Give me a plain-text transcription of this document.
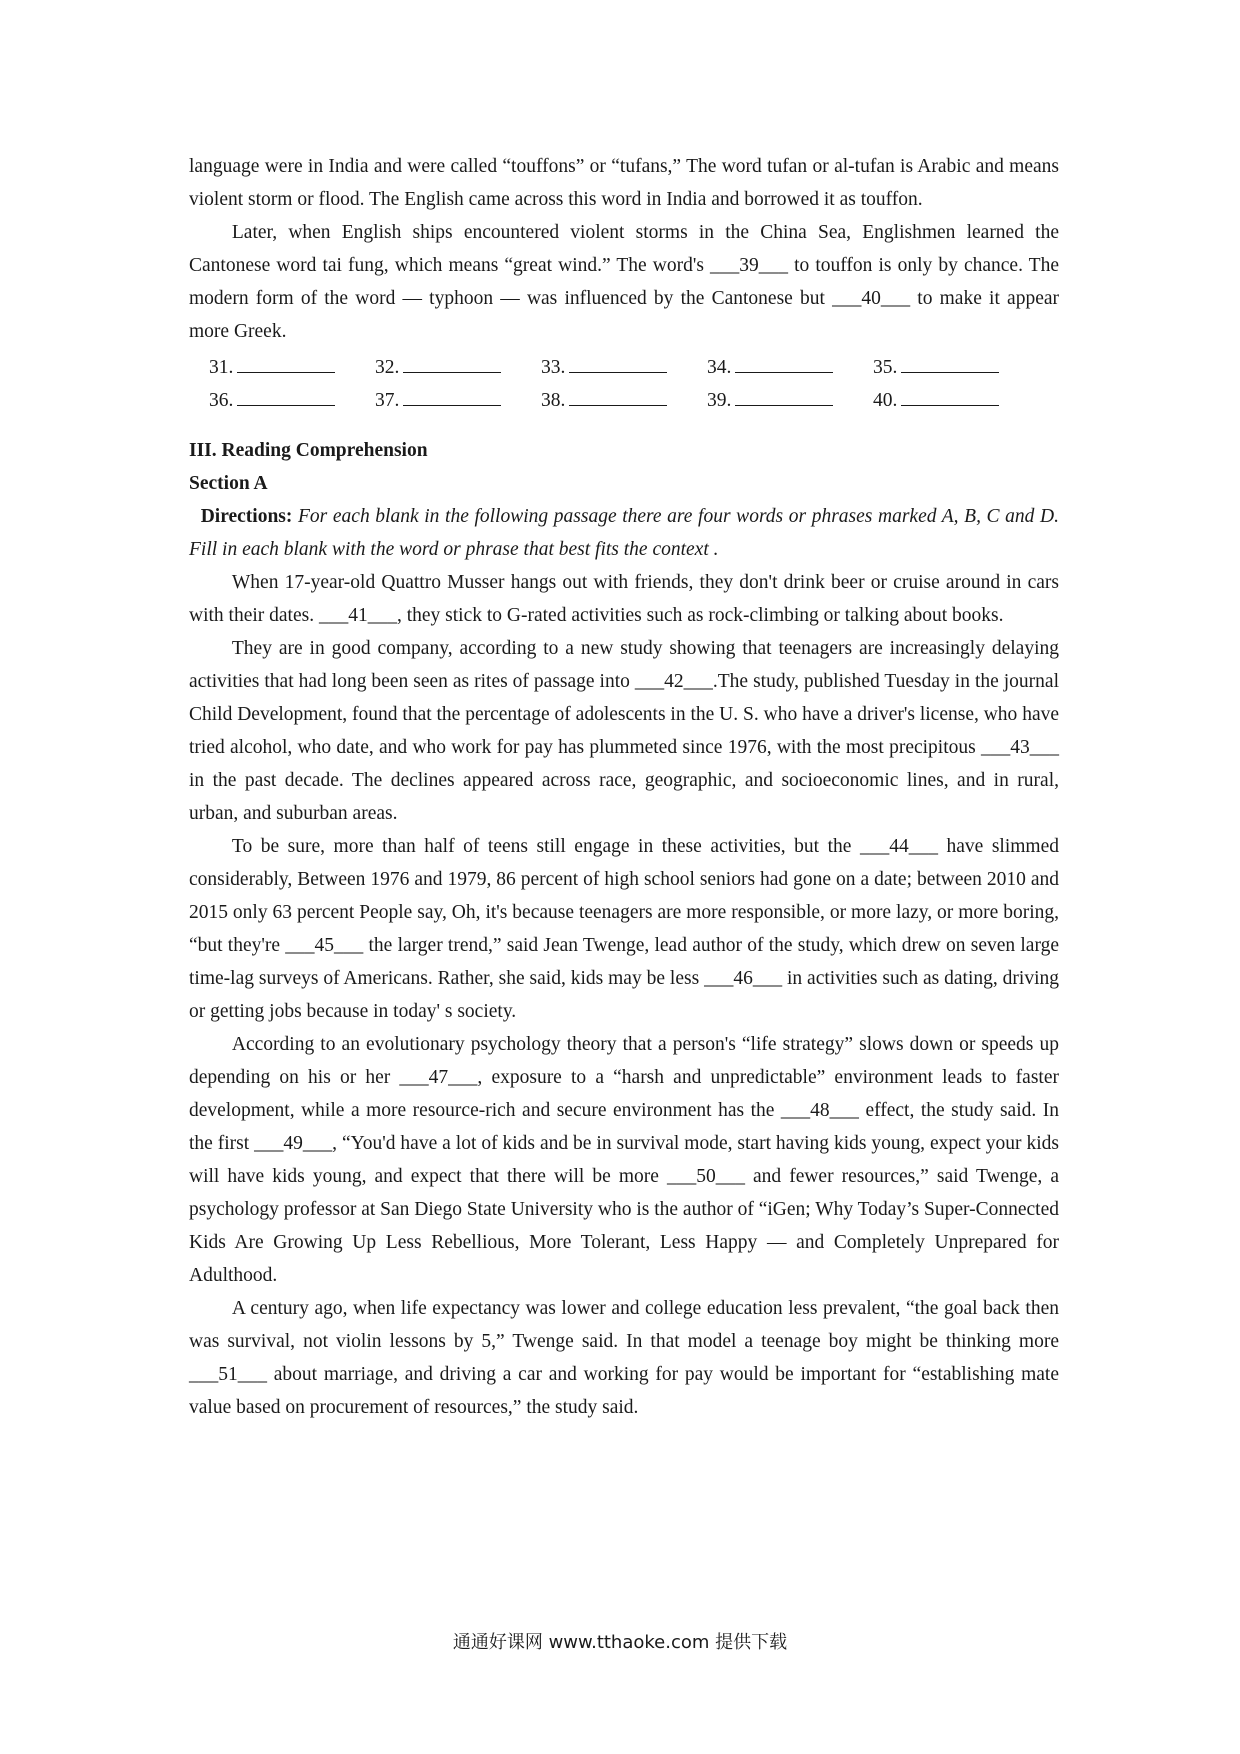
language were in India and were called “touffons” or “tufans,” The word tufan or al-tufan is Arabic and means violent storm or flood. The English came across this word in India and borrowed it as touffon.

Later, when English ships encountered violent storms in the China Sea, Englishmen learned the Cantonese word tai fung, which means “great wind.” The word's ___39___ to touffon is only by chance. The modern form of the word — typhoon — was influenced by the Cantonese but ___40___ to make it appear more Greek.

31.	32.	33.	34.	35.
36.	37.	38.	39.	40.

III. Reading Comprehension

Section A

Directions: For each blank in the following passage there are four words or phrases marked A, B, C and D. Fill in each blank with the word or phrase that best fits the context .

When 17-year-old Quattro Musser hangs out with friends, they don't drink beer or cruise around in cars with their dates. ___41___, they stick to G-rated activities such as rock-climbing or talking about books.

They are in good company, according to a new study showing that teenagers are increasingly delaying activities that had long been seen as rites of passage into ___42___.The study, published Tuesday in the journal Child Development, found that the percentage of adolescents in the U. S. who have a driver's license, who have tried alcohol, who date, and who work for pay has plummeted since 1976, with the most precipitous ___43___ in the past decade. The declines appeared across race, geographic, and socioeconomic lines, and in rural, urban, and suburban areas.

To be sure, more than half of teens still engage in these activities, but the ___44___ have slimmed considerably, Between 1976 and 1979, 86 percent of high school seniors had gone on a date; between 2010 and 2015 only 63 percent People say, Oh, it's because teenagers are more responsible, or more lazy, or more boring, “but they're ___45___ the larger trend,” said Jean Twenge, lead author of the study, which drew on seven large time-lag surveys of Americans. Rather, she said, kids may be less ___46___ in activities such as dating, driving or getting jobs because in today' s society.

According to an evolutionary psychology theory that a person's “life strategy” slows down or speeds up depending on his or her ___47___, exposure to a “harsh and unpredictable” environment leads to faster development, while a more resource-rich and secure environment has the ___48___ effect, the study said. In the first ___49___, “You'd have a lot of kids and be in survival mode, start having kids young, expect your kids will have kids young, and expect that there will be more ___50___ and fewer resources,” said Twenge, a psychology professor at San Diego State University who is the author of “iGen; Why Today’s Super-Connected Kids Are Growing Up Less Rebellious, More Tolerant, Less Happy — and Completely Unprepared for Adulthood.

A century ago, when life expectancy was lower and college education less prevalent, “the goal back then was survival, not violin lessons by 5,” Twenge said. In that model a teenage boy might be thinking more ___51___ about marriage, and driving a car and working for pay would be important for “establishing mate value based on procurement of resources,” the study said.

通通好课网 www.tthaoke.com 提供下载
